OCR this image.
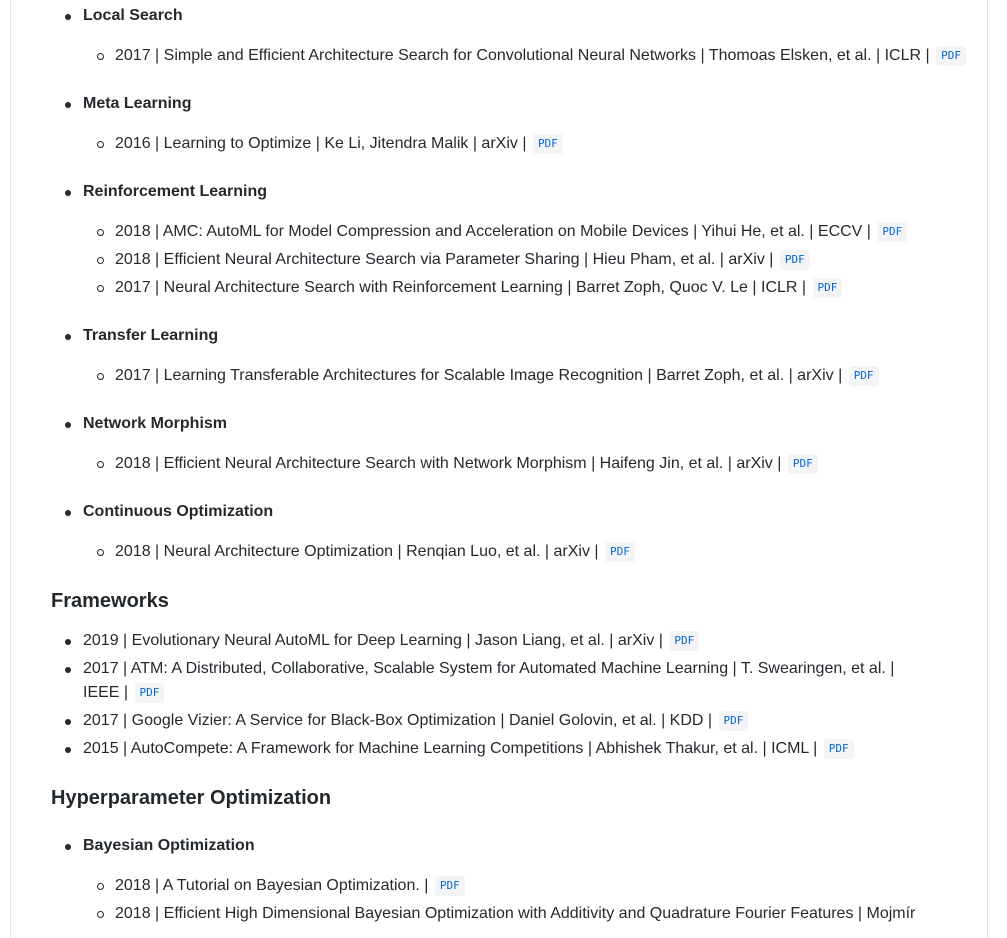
Local Search
2017 | Simple and Efficient Architecture Search for Convolutional Neural Networks | Thomoas Elsken, et al. | ICLR | PDF
Meta Learning
2016 | Learning to Optimize | Ke Li, Jitendra Malik | arXiv | PDF
Reinforcement Learning
2018 | AMC: AutoML for Model Compression and Acceleration on Mobile Devices | Yihui He, et al. | ECCV | PDF
2018 | Efficient Neural Architecture Search via Parameter Sharing | Hieu Pham, et al. | arXiv | PDF
2017 | Neural Architecture Search with Reinforcement Learning | Barret Zoph, Quoc V. Le | ICLR | PDF
Transfer Learning
2017 | Learning Transferable Architectures for Scalable Image Recognition | Barret Zoph, et al. | arXiv | PDF
Network Morphism
2018 | Efficient Neural Architecture Search with Network Morphism | Haifeng Jin, et al. | arXiv | PDF
Continuous Optimization
2018 | Neural Architecture Optimization | Renqian Luo, et al. | arXiv | PDF
Frameworks
2019 | Evolutionary Neural AutoML for Deep Learning | Jason Liang, et al. | arXiv | PDF
2017 | ATM: A Distributed, Collaborative, Scalable System for Automated Machine Learning | T. Swearingen, et al. | IEEE | PDF
2017 | Google Vizier: A Service for Black-Box Optimization | Daniel Golovin, et al. | KDD | PDF
2015 | AutoCompete: A Framework for Machine Learning Competitions | Abhishek Thakur, et al. | ICML | PDF
Hyperparameter Optimization
Bayesian Optimization
2018 | A Tutorial on Bayesian Optimization. | PDF
2018 | Efficient High Dimensional Bayesian Optimization with Additivity and Quadrature Fourier Features | Mojmír
